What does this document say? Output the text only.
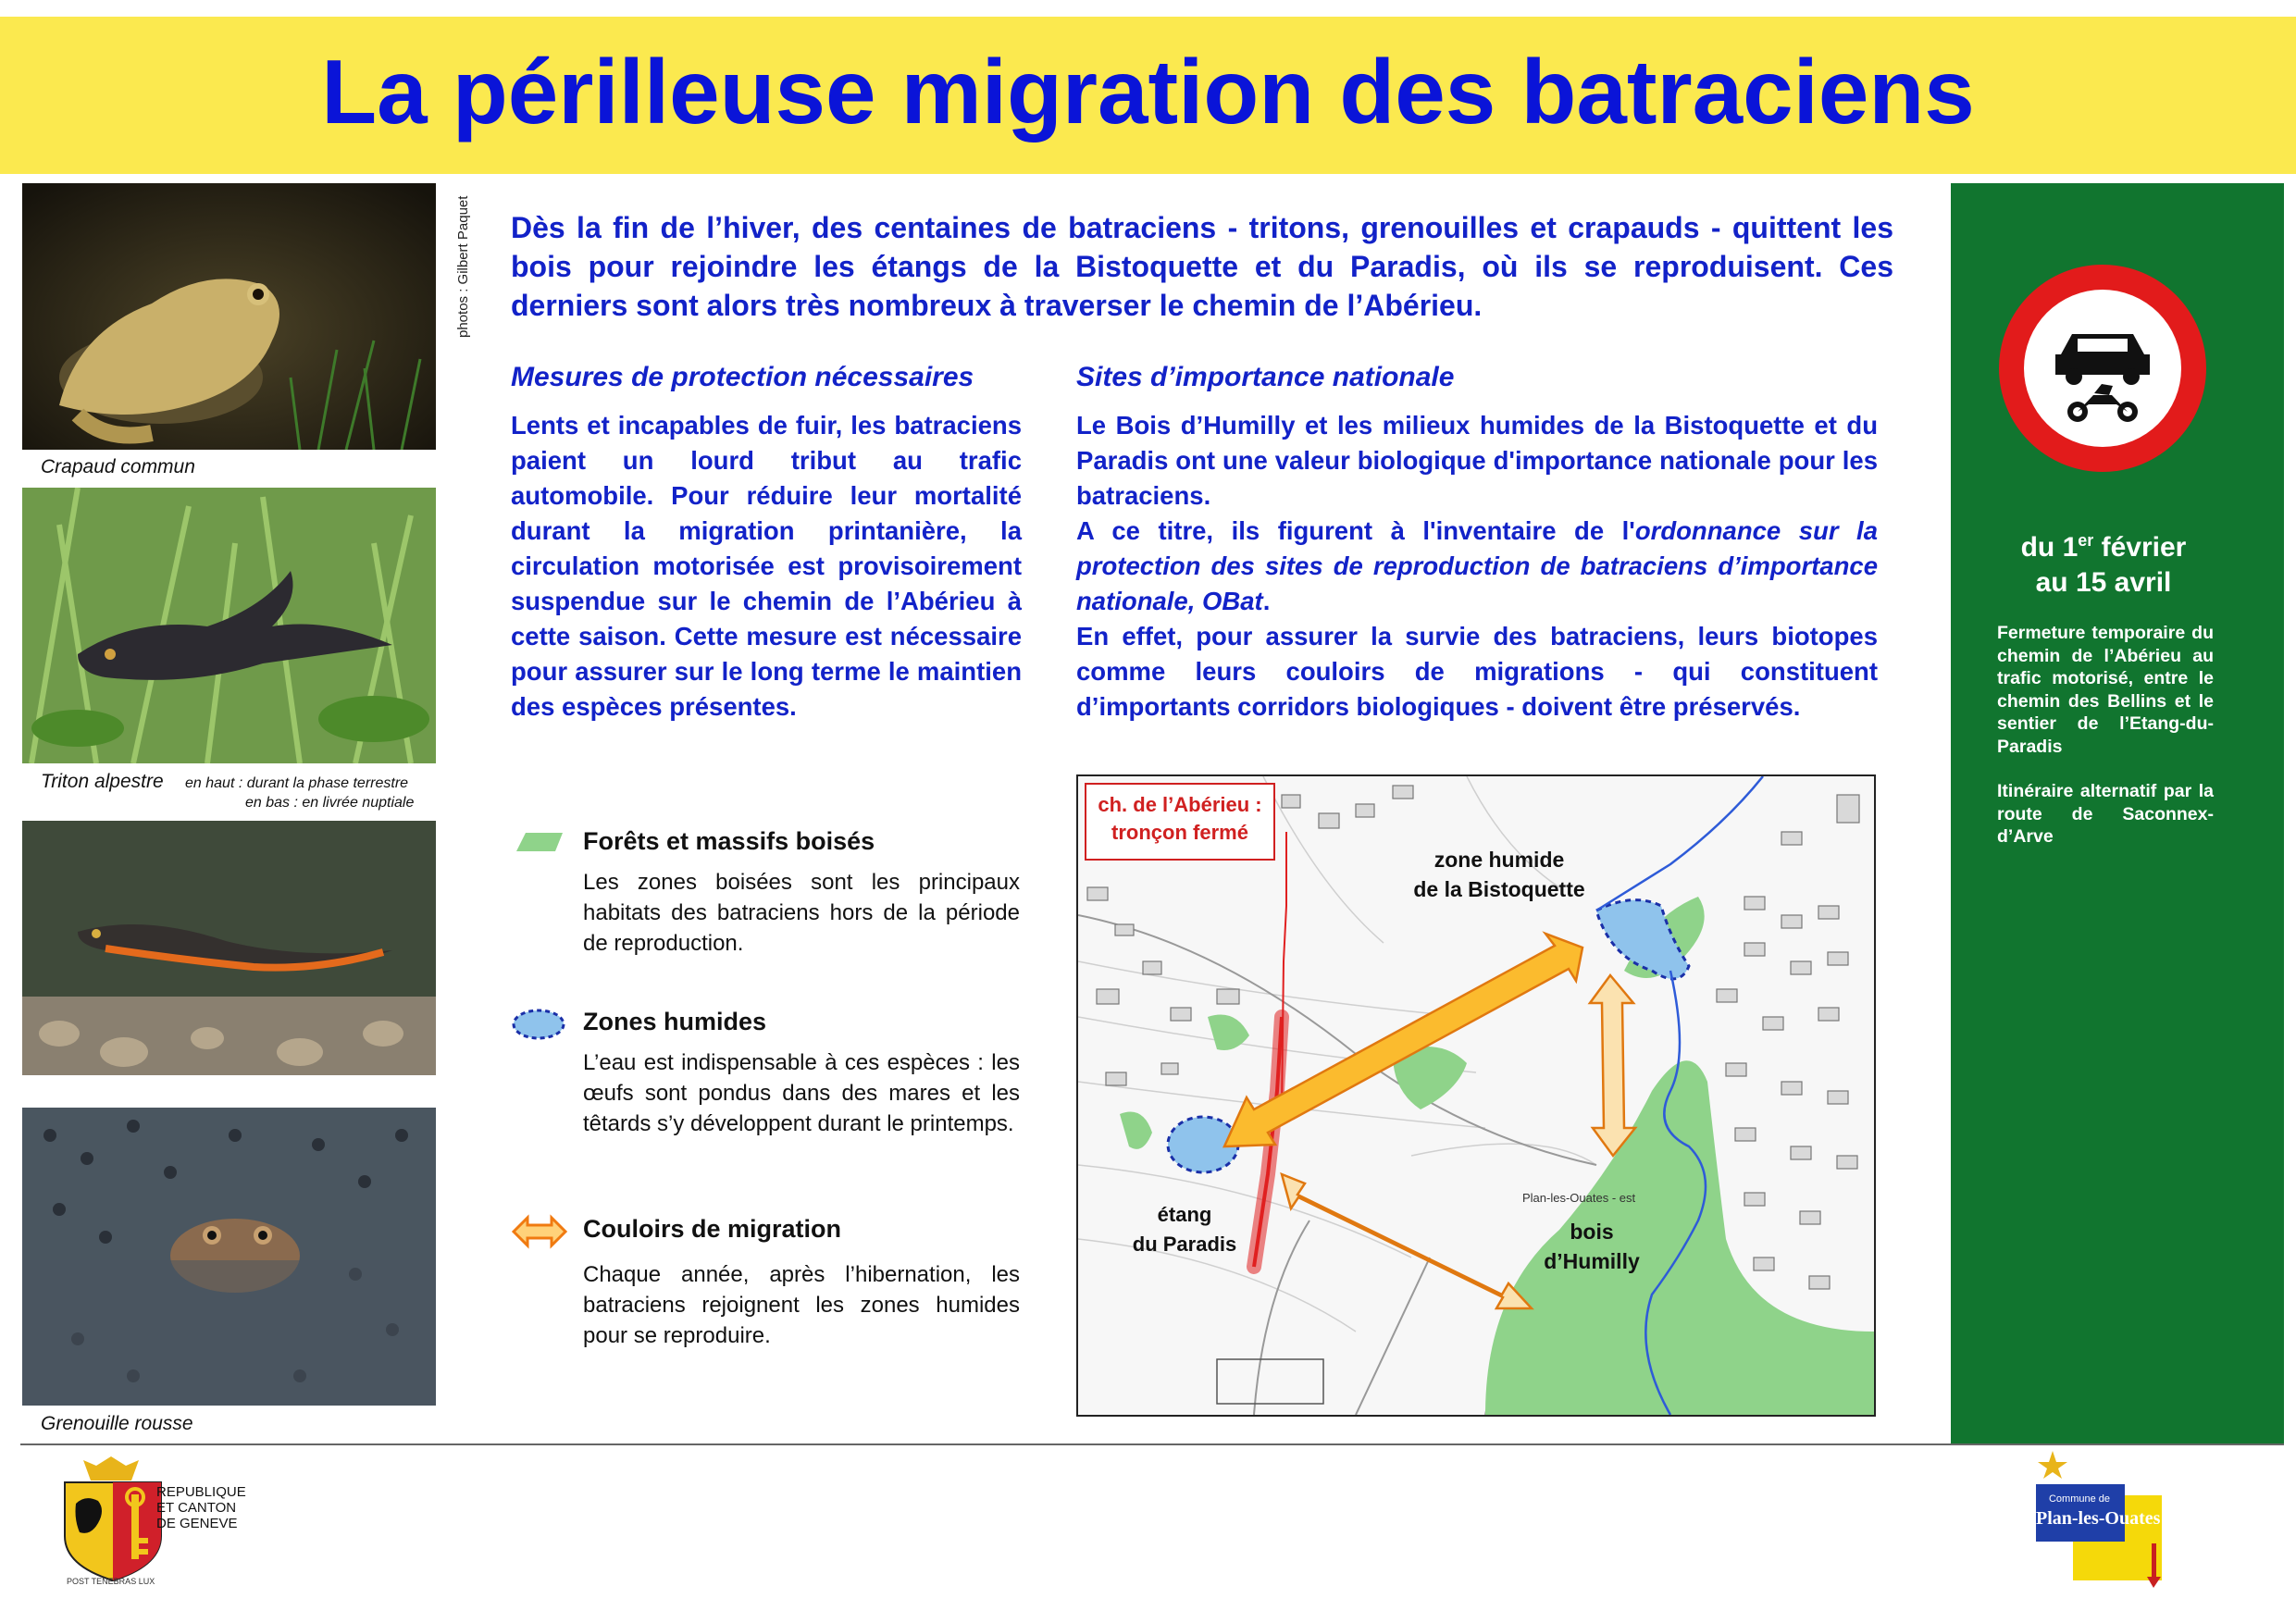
La périlleuse migration des batraciens
photos : Gilbert Paquet
Crapaud commun
Triton alpestre en haut : durant la phase terrestre
en bas : en livrée nuptiale
Grenouille rousse
Dès la fin de l’hiver, des centaines de batraciens - tritons, grenouilles et crapauds - quittent les bois pour rejoindre les étangs de la Bistoquette et du Paradis, où ils se reproduisent. Ces derniers sont alors très nombreux à traverser le chemin de l’Abérieu.
Mesures de protection nécessaires
Lents et incapables de fuir, les batraciens paient un lourd tribut au trafic automobile. Pour réduire leur mortalité durant la migration printanière, la circulation motorisée est provisoirement suspendue sur le chemin de l’Abérieu à cette saison. Cette mesure est nécessaire pour assurer sur le long terme le maintien des espèces présentes.
Sites d’importance nationale
Le Bois d’Humilly et les milieux humides de la Bistoquette et du Paradis ont une valeur biologique d'importance nationale pour les batraciens.
A ce titre, ils figurent à l'inventaire de l'ordonnance sur la protection des sites de reproduction de batraciens d’importance nationale, OBat.
En effet, pour assurer la survie des batraciens, leurs biotopes comme leurs couloirs de migrations - qui constituent d’importants corridors biologiques - doivent être préservés.
Forêts et massifs boisés
Les zones boisées sont les principaux habitats des batraciens hors de la période de reproduction.
Zones humides
L’eau est indispensable à ces espèces : les œufs sont pondus dans des mares et les têtards s’y développent durant le printemps.
Couloirs de migration
Chaque année, après l’hibernation, les batraciens rejoignent les zones humides pour se reproduire.
ch. de l’Abérieu :
tronçon fermé
zone humide
de la Bistoquette
étang
du Paradis
bois
d’Humilly
Plan-les-Ouates - est
du 1er février
au 15 avril
Fermeture temporaire du chemin de l’Abérieu au trafic motorisé, entre le chemin des Bellins et le sentier de l’Etang-du-Paradis
Itinéraire alternatif par la route de Saconnex-d’Arve
REPUBLIQUE
ET CANTON
DE GENEVE
POST TENEBRAS LUX
Commune de
Plan-les-Ouates
